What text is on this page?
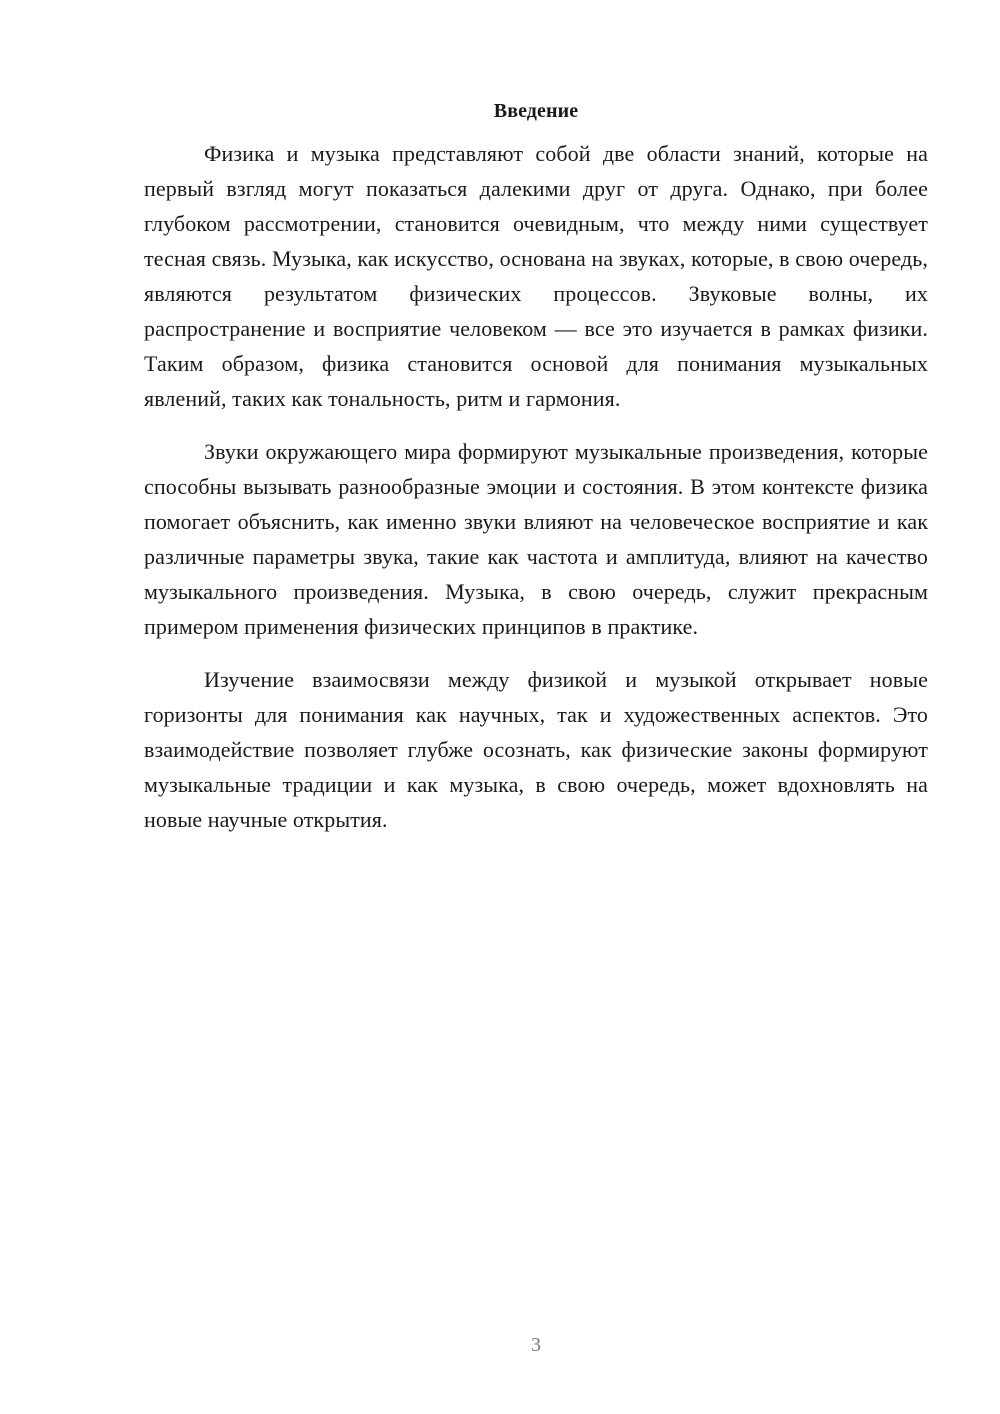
Введение

Физика и музыка представляют собой две области знаний, которые на первый взгляд могут показаться далекими друг от друга. Однако, при более глубоком рассмотрении, становится очевидным, что между ними существует тесная связь. Музыка, как искусство, основана на звуках, которые, в свою очередь, являются результатом физических процессов. Звуковые волны, их распространение и восприятие человеком — все это изучается в рамках физики. Таким образом, физика становится основой для понимания музыкальных явлений, таких как тональность, ритм и гармония.

Звуки окружающего мира формируют музыкальные произведения, которые способны вызывать разнообразные эмоции и состояния. В этом контексте физика помогает объяснить, как именно звуки влияют на человеческое восприятие и как различные параметры звука, такие как частота и амплитуда, влияют на качество музыкального произведения. Музыка, в свою очередь, служит прекрасным примером применения физических принципов в практике.

Изучение взаимосвязи между физикой и музыкой открывает новые горизонты для понимания как научных, так и художественных аспектов. Это взаимодействие позволяет глубже осознать, как физические законы формируют музыкальные традиции и как музыка, в свою очередь, может вдохновлять на новые научные открытия.

3
